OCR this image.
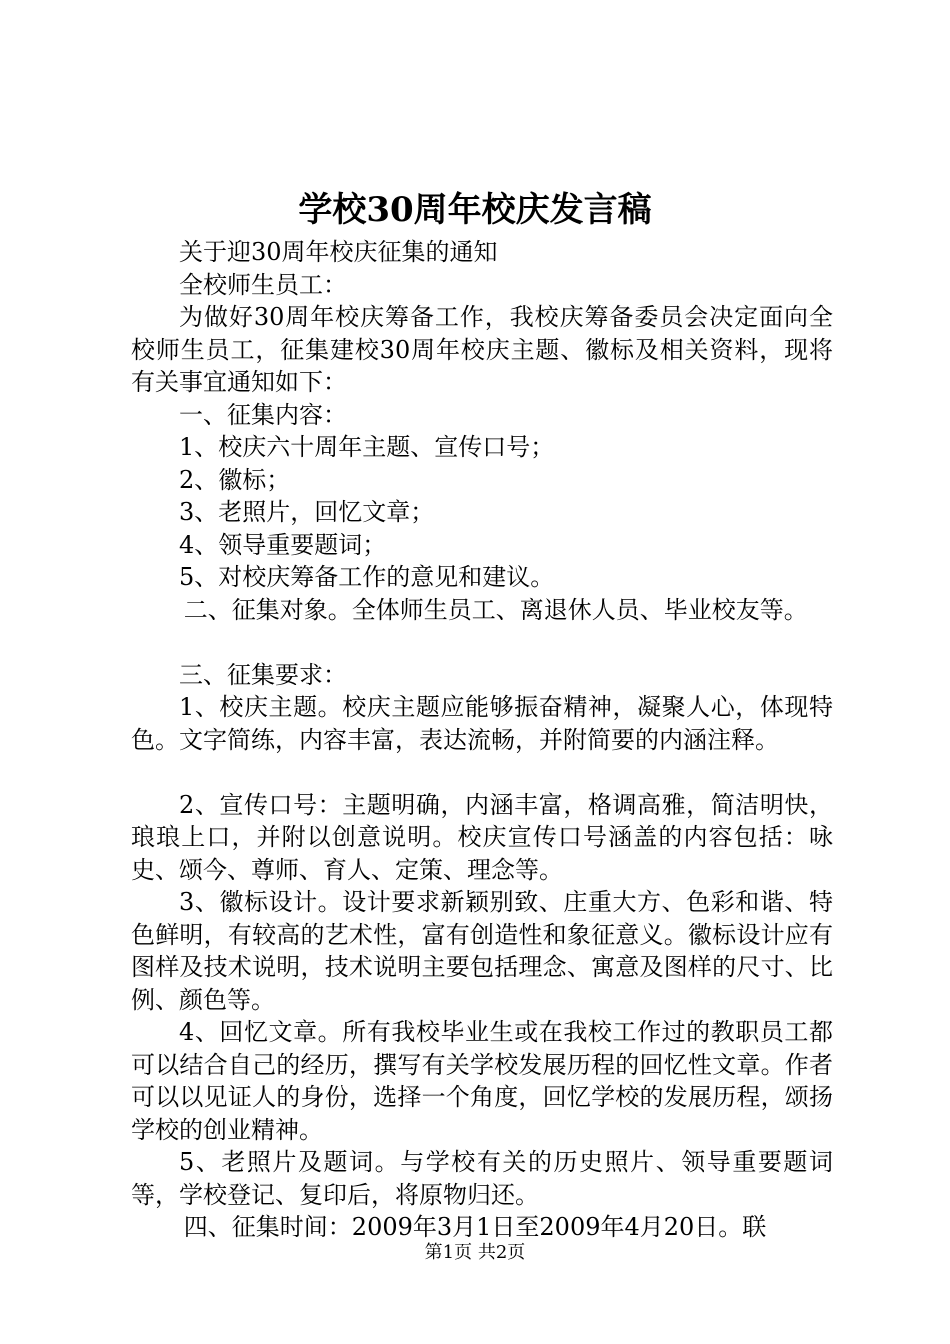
学校30周年校庆发言稿

关于迎30周年校庆征集的通知

全校师生员工：

为做好30周年校庆筹备工作，我校庆筹备委员会决定面向全校师生员工，征集建校30周年校庆主题、徽标及相关资料，现将有关事宜通知如下：

一、征集内容：

1、校庆六十周年主题、宣传口号；

2、徽标；

3、老照片，回忆文章；

4、领导重要题词；

5、对校庆筹备工作的意见和建议。

二、征集对象。全体师生员工、离退休人员、毕业校友等。

三、征集要求：

1、校庆主题。校庆主题应能够振奋精神，凝聚人心，体现特色。文字简练，内容丰富，表达流畅，并附简要的内涵注释。

2、宣传口号：主题明确，内涵丰富，格调高雅，简洁明快，琅琅上口，并附以创意说明。校庆宣传口号涵盖的内容包括：咏史、颂今、尊师、育人、定策、理念等。

3、徽标设计。设计要求新颖别致、庄重大方、色彩和谐、特色鲜明，有较高的艺术性，富有创造性和象征意义。徽标设计应有图样及技术说明，技术说明主要包括理念、寓意及图样的尺寸、比例、颜色等。

4、回忆文章。所有我校毕业生或在我校工作过的教职员工都可以结合自己的经历，撰写有关学校发展历程的回忆性文章。作者可以以见证人的身份，选择一个角度，回忆学校的发展历程，颂扬学校的创业精神。

5、老照片及题词。与学校有关的历史照片、领导重要题词等，学校登记、复印后，将原物归还。

四、征集时间：2009年3月1日至2009年4月20日。联

第1页 共2页
